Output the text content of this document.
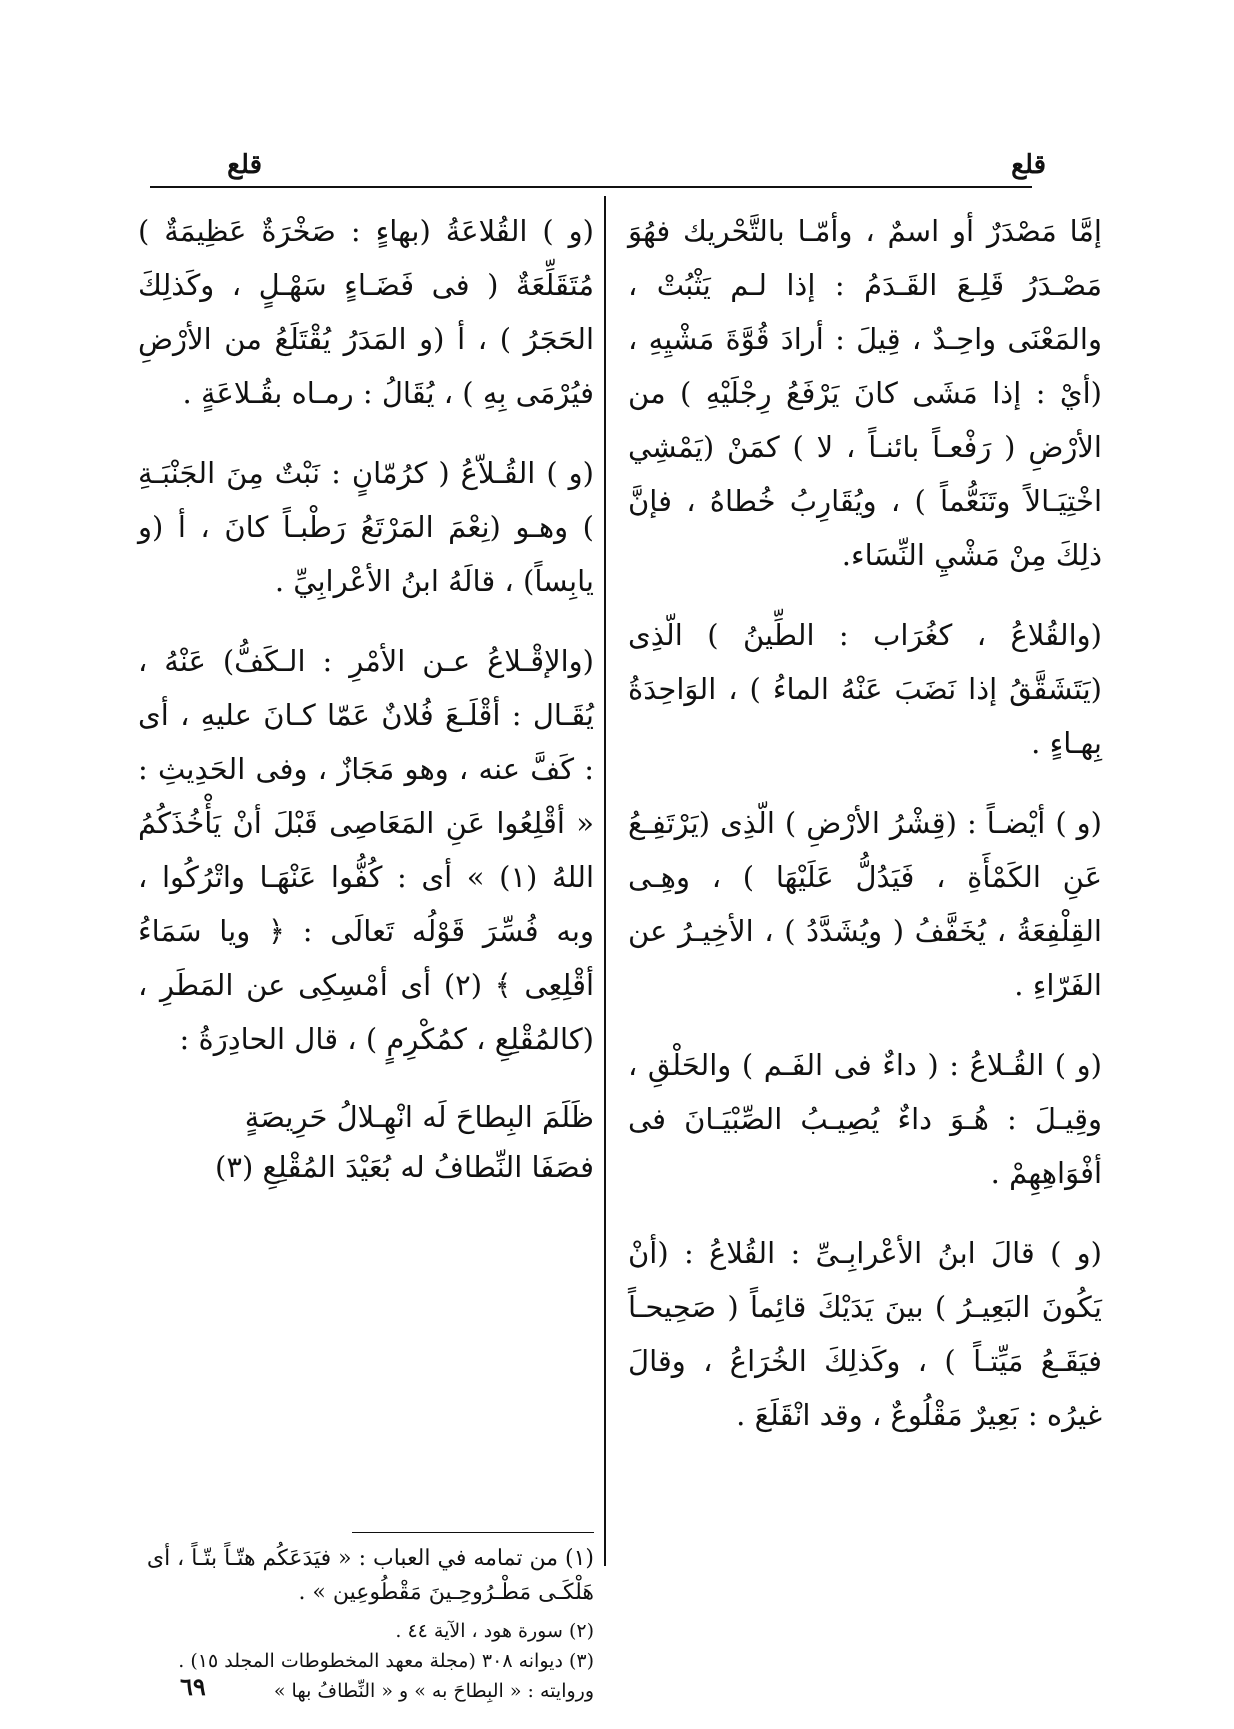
قلع
قلع

إمَّا مَصْدَرٌ أو اسمٌ ، وأمّـا بالتَّحْريك فهُوَ مَصْـدَرُ قَلِـعَ القَـدَمُ : إذا لـم يَثْبُتْ ، والمَعْنَى واحِـدٌ ، قِيلَ : أرادَ قُوَّةَ مَشْيِهِ ، (أيْ : إذا مَشَى كانَ يَرْفَعُ رِجْلَيْهِ ) من الأرْضِ ( رَفْعـاً بائنـاً ، لا ) كمَنْ (يَمْشِي اخْتِيَـالاً وتَنَعُّماً ) ، ويُقَارِبُ خُطاهُ ، فإنَّ ذلِكَ مِنْ مَشْيِ النِّسَاء.

(والقُلاعُ ، كغُرَاب : الطِّينُ ) الّذِى (يَتَشَقَّقُ إذا نَضَبَ عَنْهُ الماءُ ) ، الوَاحِدَةُ بِهـاءٍ .

(و ) أيْضـاً : (قِشْرُ الأرْضِ ) الّذِى (يَرْتَفِـعُ عَنِ الكَمْأَةِ ، فَيَدُلُّ عَلَيْهَا ) ، وهِـى القِلْفِعَةُ ، يُخَفَّفُ ( ويُشَدَّدُ ) ، الأخِيـرُ عن الفَرّاءِ .

(و ) القُـلاعُ : ( داءٌ فى الفَـم ) والحَلْقِ ، وقِيـلَ : هُـوَ داءٌ يُصِيـبُ الصِّبْيَـانَ فى أفْوَاهِهِمْ .

(و ) قالَ ابنُ الأعْرابِـىِّ : القُلاعُ : (أنْ يَكُونَ البَعِيـرُ ) بينَ يَدَيْكَ قائِماً ( صَحِيحـاً فيَقَـعُ مَيِّتـاً ) ، وكَذلِكَ الخُرَاعُ ، وقالَ غيرُه : بَعِيرٌ مَقْلُوعٌ ، وقد انْقَلَعَ .

(و ) القُلاعَةُ (بهاءٍ : صَخْرَةٌ عَظِيمَةٌ ) مُتَقَلِّعَةٌ ( فى فَضَـاءٍ سَهْـلٍ ، وكَذلِكَ الحَجَرُ ) ، أ (و المَدَرُ يُقْتَلَعُ من الأرْضِ فيُرْمَى بِهِ ) ، يُقَالُ : رمـاه بقُـلاعَةٍ .

(و ) القُـلاّعُ ( كرُمّانٍ : نَبْتٌ مِنَ الجَنْبَـةِ ) وهـو (نِعْمَ المَرْتَعُ رَطْبـاً كانَ ، أ (و يابِساً) ، قالَهُ ابنُ الأعْرابِيِّ .

(والإقْـلاعُ عـن الأمْرِ : الـكَفُّ) عَنْهُ ، يُقَـال : أقْلَـعَ فُلانٌ عَمّا كـانَ عليهِ ، أى : كَفَّ عنه ، وهو مَجَازٌ ، وفى الحَدِيثِ : « أقْلِعُوا عَنِ المَعَاصِى قَبْلَ أنْ يَأْخُذَكُمُ اللهُ (١) » أى : كُفُّوا عَنْهَـا واتْرُكُوا ، وبه فُسِّرَ قَوْلُه تَعالَى : ﴿ ويا سَمَاءُ أقْلِعِى ﴾ (٢) أى أمْسِكِى عن المَطَرِ ، (كالمُقْلِعِ ، كمُكْرِمٍ ) ، قال الحادِرَةُ :

ظَلَمَ البِطاحَ لَه انْهِـلالُ حَرِيصَةٍ
فصَفَا النِّطافُ له بُعَيْدَ المُقْلِعِ (٣)

(١) من تمامه في العباب : « فيَدَعَكُم هتّـاً بتّـاً ، أى هَلْكَـى مَطْـرُوحِـينَ مَقْطُوعِين » .

(٢) سورة هود ، الآية ٤٤ .

(٣) ديوانه ٣٠٨ (مجلة معهد المخطوطات المجلد ١٥) .

وروايته : « البِطاحَ به » و « النِّطافُ بها »

٦٩
